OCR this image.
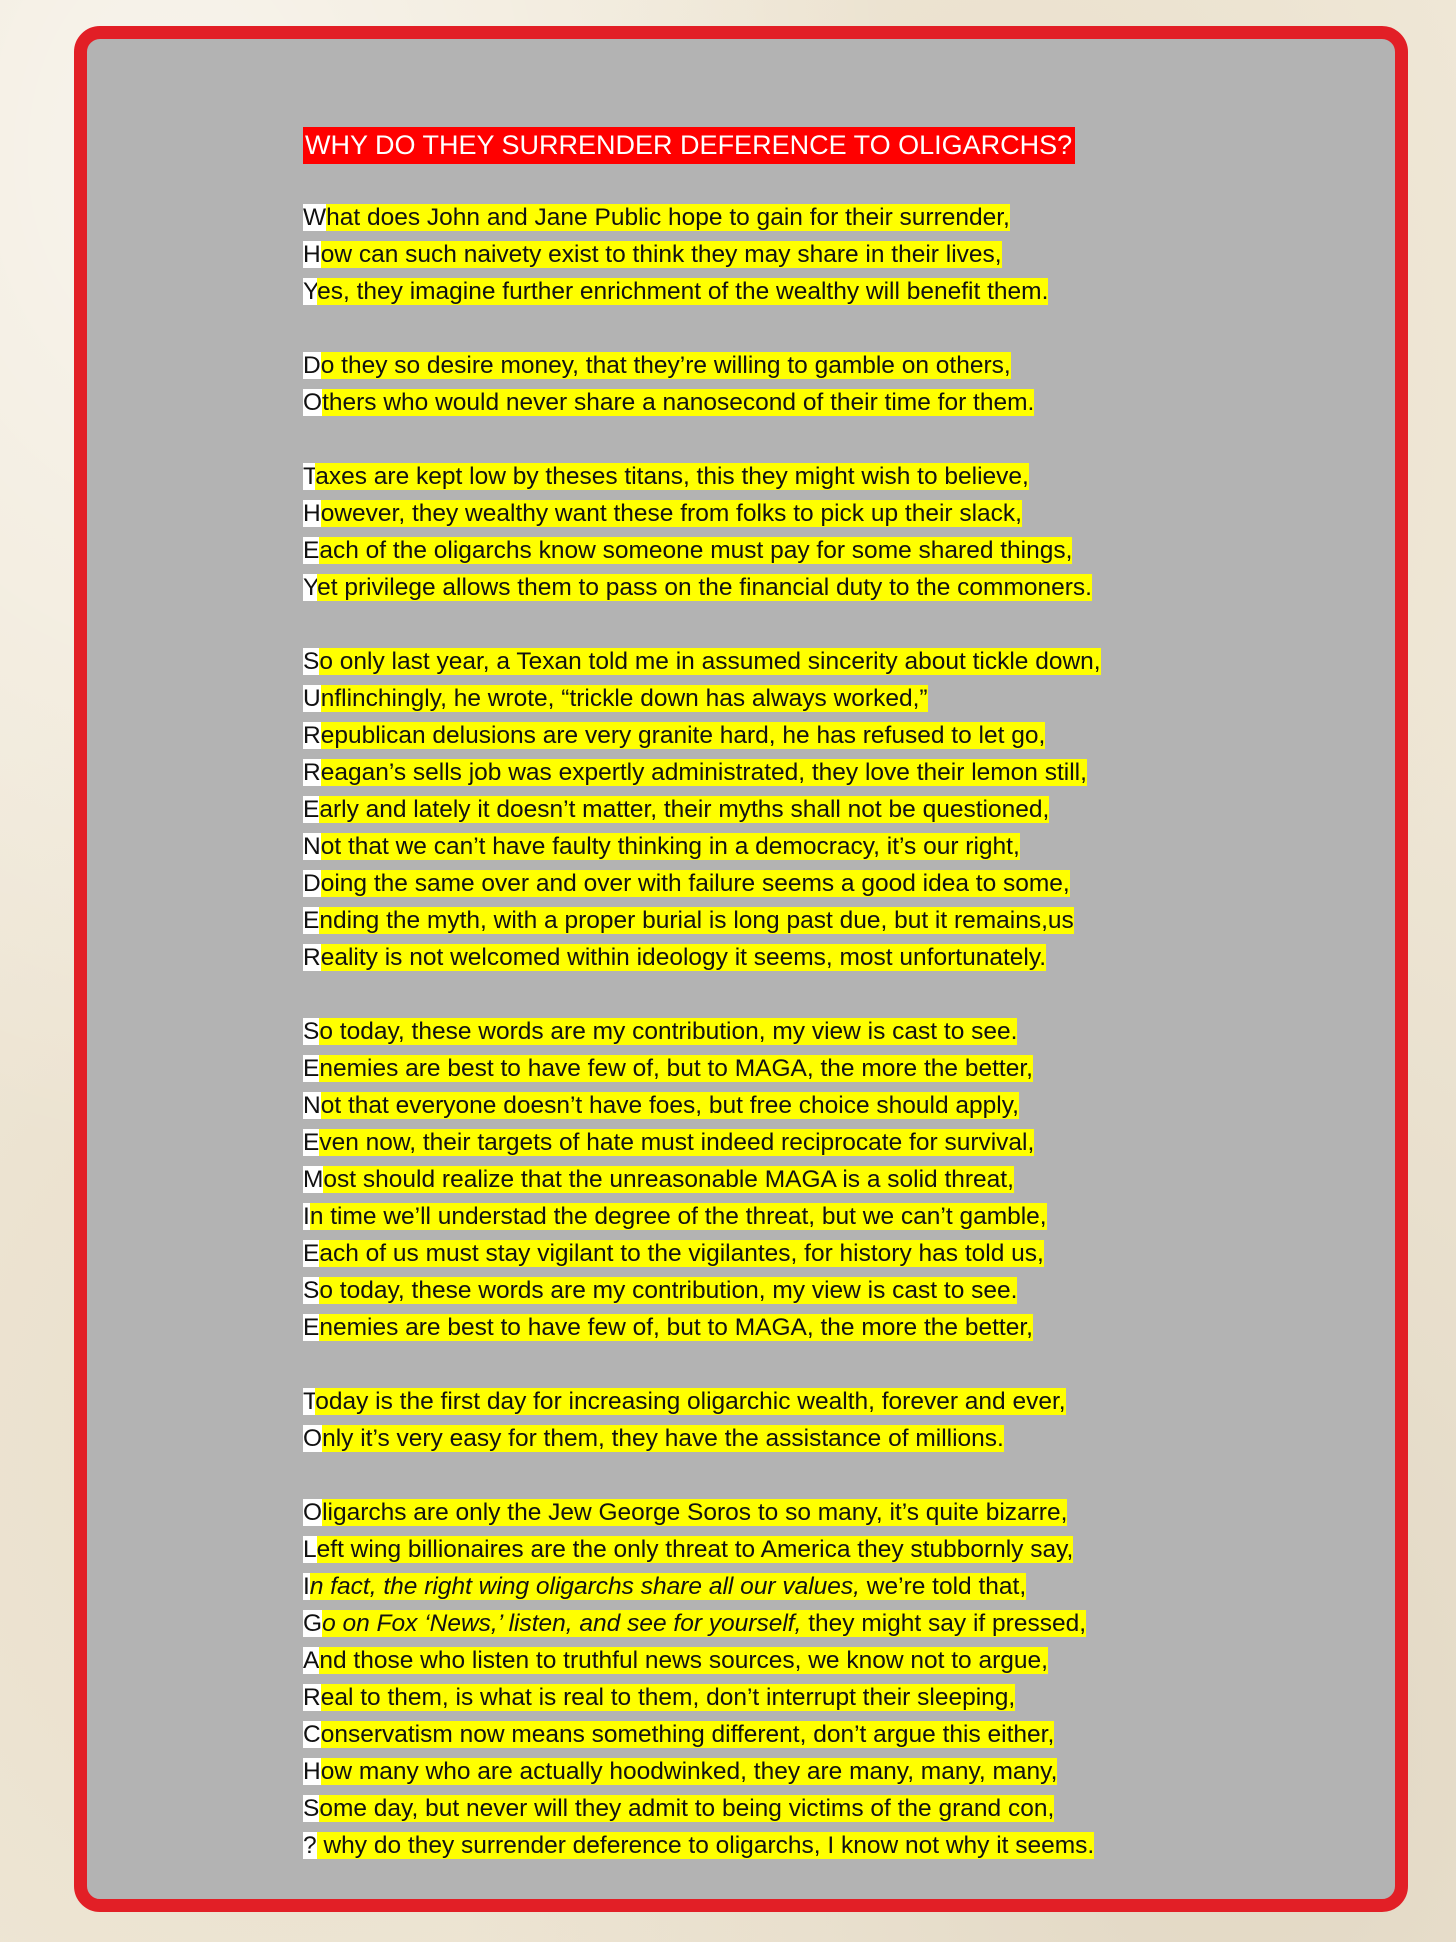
WHY DO THEY SURRENDER DEFERENCE TO OLIGARCHS?
What does John and Jane Public hope to gain for their surrender,
How can such naivety exist to think they may share in their lives,
Yes, they imagine further enrichment of the wealthy will benefit them.
Do they so desire money, that they’re willing to gamble on others,
Others who would never share a nanosecond of their time for them.
Taxes are kept low by theses titans, this they might wish to believe,
However, they wealthy want these from folks to pick up their slack,
Each of the oligarchs know someone must pay for some shared things,
Yet privilege allows them to pass on the financial duty to the commoners.
So only last year, a Texan told me in assumed sincerity about tickle down,
Unflinchingly, he wrote, “trickle down has always worked,”
Republican delusions are very granite hard, he has refused to let go,
Reagan’s sells job was expertly administrated, they love their lemon still,
Early and lately it doesn’t matter, their myths shall not be questioned,
Not that we can’t have faulty thinking in a democracy, it’s our right,
Doing the same over and over with failure seems a good idea to some,
Ending the myth, with a proper burial is long past due, but it remains,us
Reality is not welcomed within ideology it seems, most unfortunately.
So today, these words are my contribution, my view is cast to see.
Enemies are best to have few of, but to MAGA, the more the better,
Not that everyone doesn’t have foes, but free choice should apply,
Even now, their targets of hate must indeed reciprocate for survival,
Most should realize that the unreasonable MAGA is a solid threat,
In time we’ll understad the degree of the threat, but we can’t gamble,
Each of us must stay vigilant to the vigilantes, for history has told us,
So today, these words are my contribution, my view is cast to see.
Enemies are best to have few of, but to MAGA, the more the better,
Today is the first day for increasing oligarchic wealth, forever and ever,
Only it’s very easy for them, they have the assistance of millions.
Oligarchs are only the Jew George Soros to so many, it’s quite bizarre,
Left wing billionaires are the only threat to America they stubbornly say,
In fact, the right wing oligarchs share all our values, we’re told that,
Go on Fox ‘News,’ listen, and see for yourself, they might say if pressed,
And those who listen to truthful news sources, we know not to argue,
Real to them, is what is real to them, don’t interrupt their sleeping,
Conservatism now means something different, don’t argue this either,
How many who are actually hoodwinked, they are many, many, many,
Some day, but never will they admit to being victims of the grand con,
? why do they surrender deference to oligarchs, I know not why it seems.
